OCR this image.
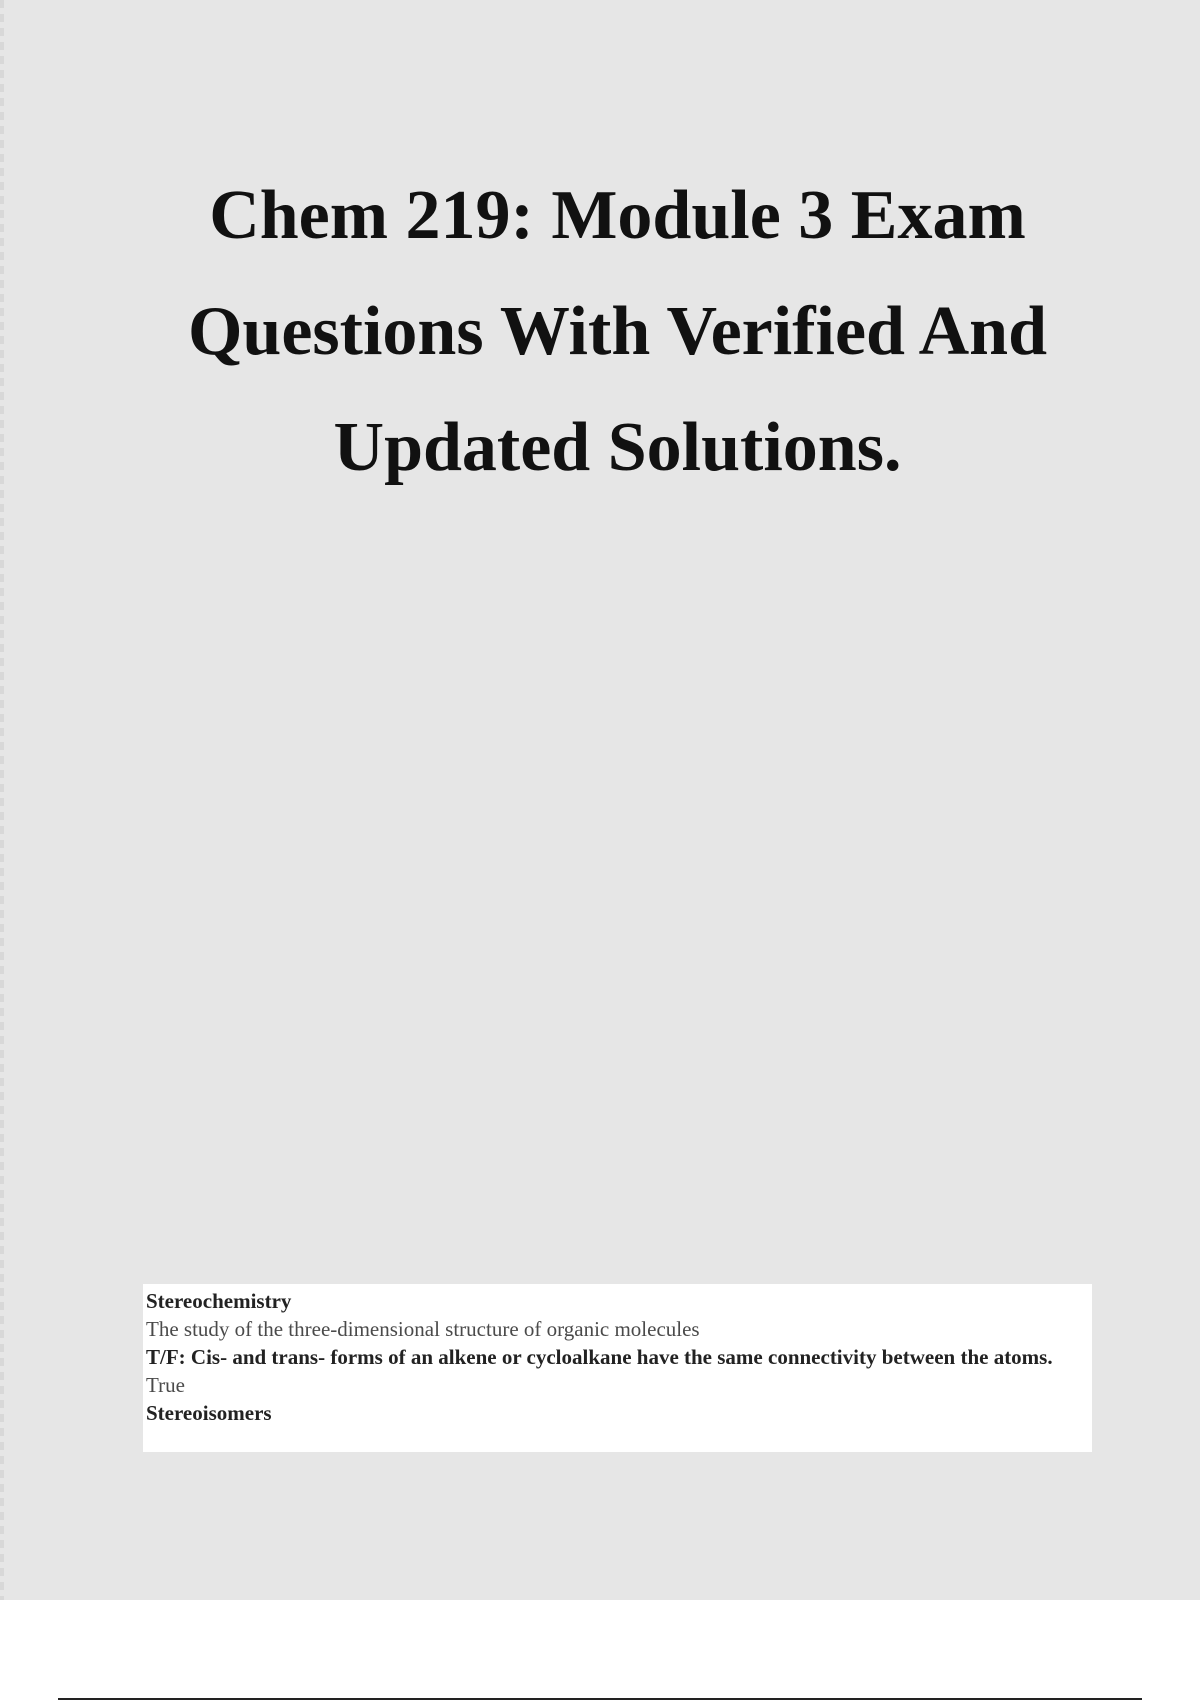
Chem 219: Module 3 Exam
Questions With Verified And
Updated Solutions.
Stereochemistry
The study of the three-dimensional structure of organic molecules
T/F: Cis- and trans- forms of an alkene or cycloalkane have the same connectivity between the atoms.
True
Stereoisomers
